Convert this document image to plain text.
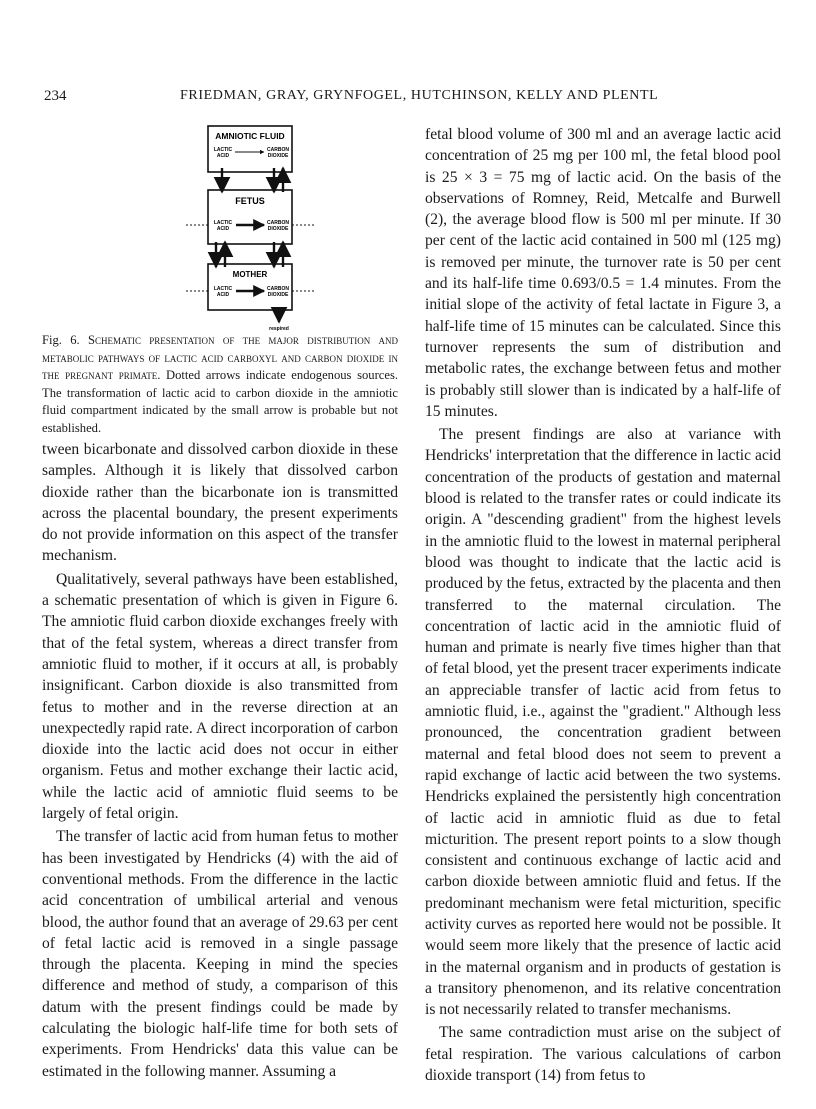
234	FRIEDMAN, GRAY, GRYNFOGEL, HUTCHINSON, KELLY AND PLENTL
AMNIOTIC FLUID
LACTIC
ACID
CARBON
DIOXIDE
FETUS
LACTIC
ACID
CARBON
DIOXIDE
MOTHER
LACTIC
ACID
CARBON
DIOXIDE
respired

Fig. 6. Schematic presentation of the major distribution and metabolic pathways of lactic acid carboxyl and carbon dioxide in the pregnant primate. Dotted arrows indicate endogenous sources. The transformation of lactic acid to carbon dioxide in the amniotic fluid compartment indicated by the small arrow is probable but not established.

tween bicarbonate and dissolved carbon dioxide in these samples. Although it is likely that dissolved carbon dioxide rather than the bicarbonate ion is transmitted across the placental boundary, the present experiments do not provide information on this aspect of the transfer mechanism.

Qualitatively, several pathways have been established, a schematic presentation of which is given in Figure 6. The amniotic fluid carbon dioxide exchanges freely with that of the fetal system, whereas a direct transfer from amniotic fluid to mother, if it occurs at all, is probably insignificant. Carbon dioxide is also transmitted from fetus to mother and in the reverse direction at an unexpectedly rapid rate. A direct incorporation of carbon dioxide into the lactic acid does not occur in either organism. Fetus and mother exchange their lactic acid, while the lactic acid of amniotic fluid seems to be largely of fetal origin.

The transfer of lactic acid from human fetus to mother has been investigated by Hendricks (4) with the aid of conventional methods. From the difference in the lactic acid concentration of umbilical arterial and venous blood, the author found that an average of 29.63 per cent of fetal lactic acid is removed in a single passage through the placenta. Keeping in mind the species difference and method of study, a comparison of this datum with the present findings could be made by calculating the biologic half-life time for both sets of experiments. From Hendricks' data this value can be estimated in the following manner. Assuming a

fetal blood volume of 300 ml and an average lactic acid concentration of 25 mg per 100 ml, the fetal blood pool is 25 × 3 = 75 mg of lactic acid. On the basis of the observations of Romney, Reid, Metcalfe and Burwell (2), the average blood flow is 500 ml per minute. If 30 per cent of the lactic acid contained in 500 ml (125 mg) is removed per minute, the turnover rate is 50 per cent and its half-life time 0.693/0.5 = 1.4 minutes. From the initial slope of the activity of fetal lactate in Figure 3, a half-life time of 15 minutes can be calculated. Since this turnover represents the sum of distribution and metabolic rates, the exchange between fetus and mother is probably still slower than is indicated by a half-life of 15 minutes.

The present findings are also at variance with Hendricks' interpretation that the difference in lactic acid concentration of the products of gestation and maternal blood is related to the transfer rates or could indicate its origin. A "descending gradient" from the highest levels in the amniotic fluid to the lowest in maternal peripheral blood was thought to indicate that the lactic acid is produced by the fetus, extracted by the placenta and then transferred to the maternal circulation. The concentration of lactic acid in the amniotic fluid of human and primate is nearly five times higher than that of fetal blood, yet the present tracer experiments indicate an appreciable transfer of lactic acid from fetus to amniotic fluid, i.e., against the "gradient." Although less pronounced, the concentration gradient between maternal and fetal blood does not seem to prevent a rapid exchange of lactic acid between the two systems. Hendricks explained the persistently high concentration of lactic acid in amniotic fluid as due to fetal micturition. The present report points to a slow though consistent and continuous exchange of lactic acid and carbon dioxide between amniotic fluid and fetus. If the predominant mechanism were fetal micturition, specific activity curves as reported here would not be possible. It would seem more likely that the presence of lactic acid in the maternal organism and in products of gestation is a transitory phenomenon, and its relative concentration is not necessarily related to transfer mechanisms.

The same contradiction must arise on the subject of fetal respiration. The various calculations of carbon dioxide transport (14) from fetus to
